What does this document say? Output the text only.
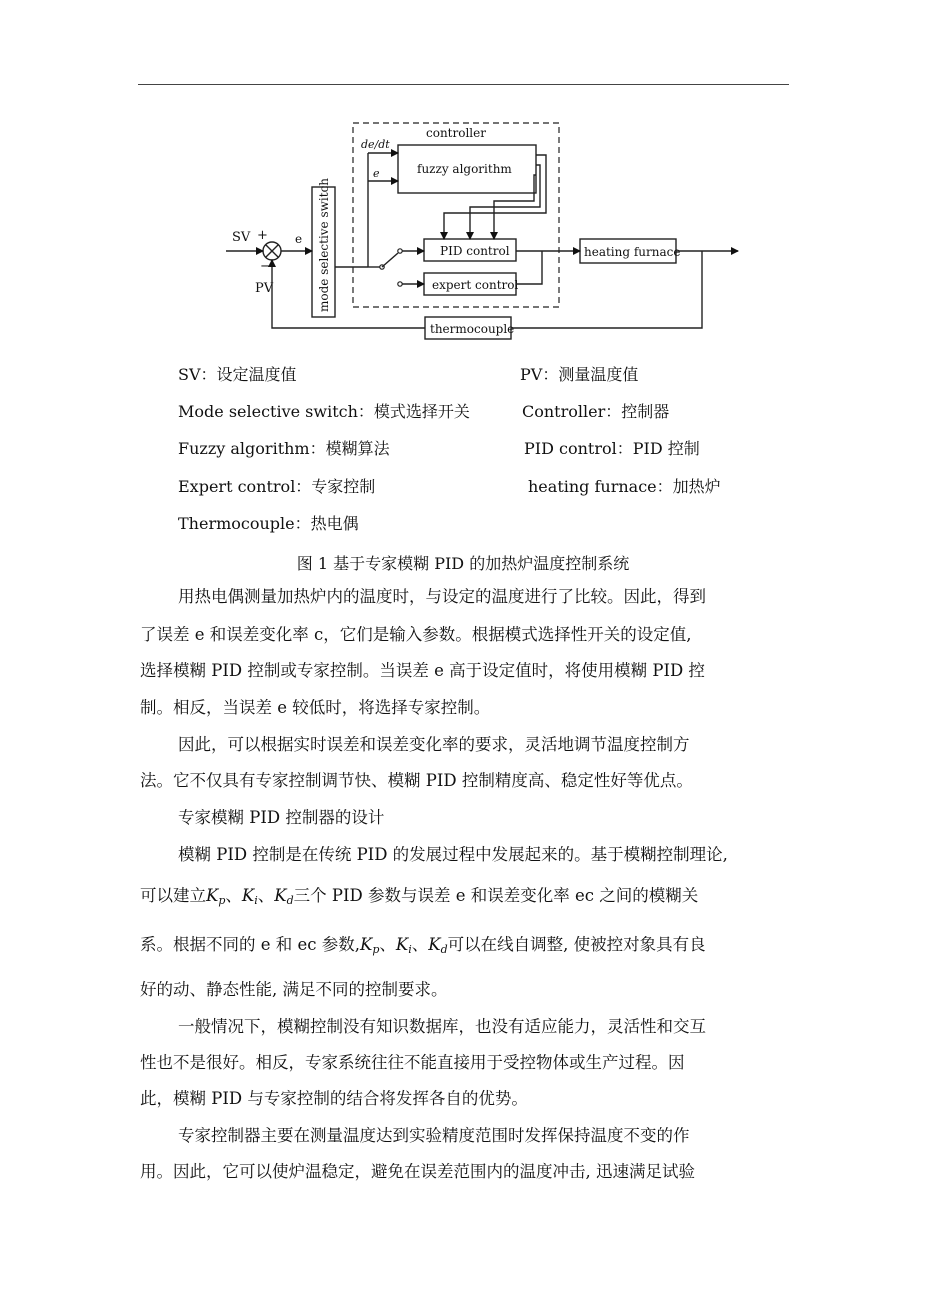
controller
fuzzy algorithm
PID control
expert control
heating furnace
thermocouple
mode selective switch
SV +
−
PV
e
de/dt
e
SV：设定温度值	PV：测量温度值
Mode selective switch：模式选择开关	Controller：控制器
Fuzzy algorithm：模糊算法	PID control：PID 控制
Expert control：专家控制	heating furnace：加热炉
Thermocouple：热电偶
图 1 基于专家模糊 PID 的加热炉温度控制系统
用热电偶测量加热炉内的温度时，与设定的温度进行了比较。因此，得到
了误差 e 和误差变化率 c，它们是输入参数。根据模式选择性开关的设定值,
选择模糊 PID 控制或专家控制。当误差 e 高于设定值时，将使用模糊 PID 控
制。相反，当误差 e 较低时，将选择专家控制。
因此，可以根据实时误差和误差变化率的要求，灵活地调节温度控制方
法。它不仅具有专家控制调节快、模糊 PID 控制精度高、稳定性好等优点。
专家模糊 PID 控制器的设计
模糊 PID 控制是在传统 PID 的发展过程中发展起来的。基于模糊控制理论,
可以建立$K_p$、$K_i$、$K_d$三个 PID 参数与误差 e 和误差变化率 ec 之间的模糊关
系。根据不同的 e 和 ec 参数$,K_p$、$K_i$、$K_d$可以在线自调整, 使被控对象具有良
好的动、静态性能, 满足不同的控制要求。
一般情况下，模糊控制没有知识数据库，也没有适应能力，灵活性和交互
性也不是很好。相反，专家系统往往不能直接用于受控物体或生产过程。因
此，模糊 PID 与专家控制的结合将发挥各自的优势。
专家控制器主要在测量温度达到实验精度范围时发挥保持温度不变的作
用。因此，它可以使炉温稳定，避免在误差范围内的温度冲击, 迅速满足试验
